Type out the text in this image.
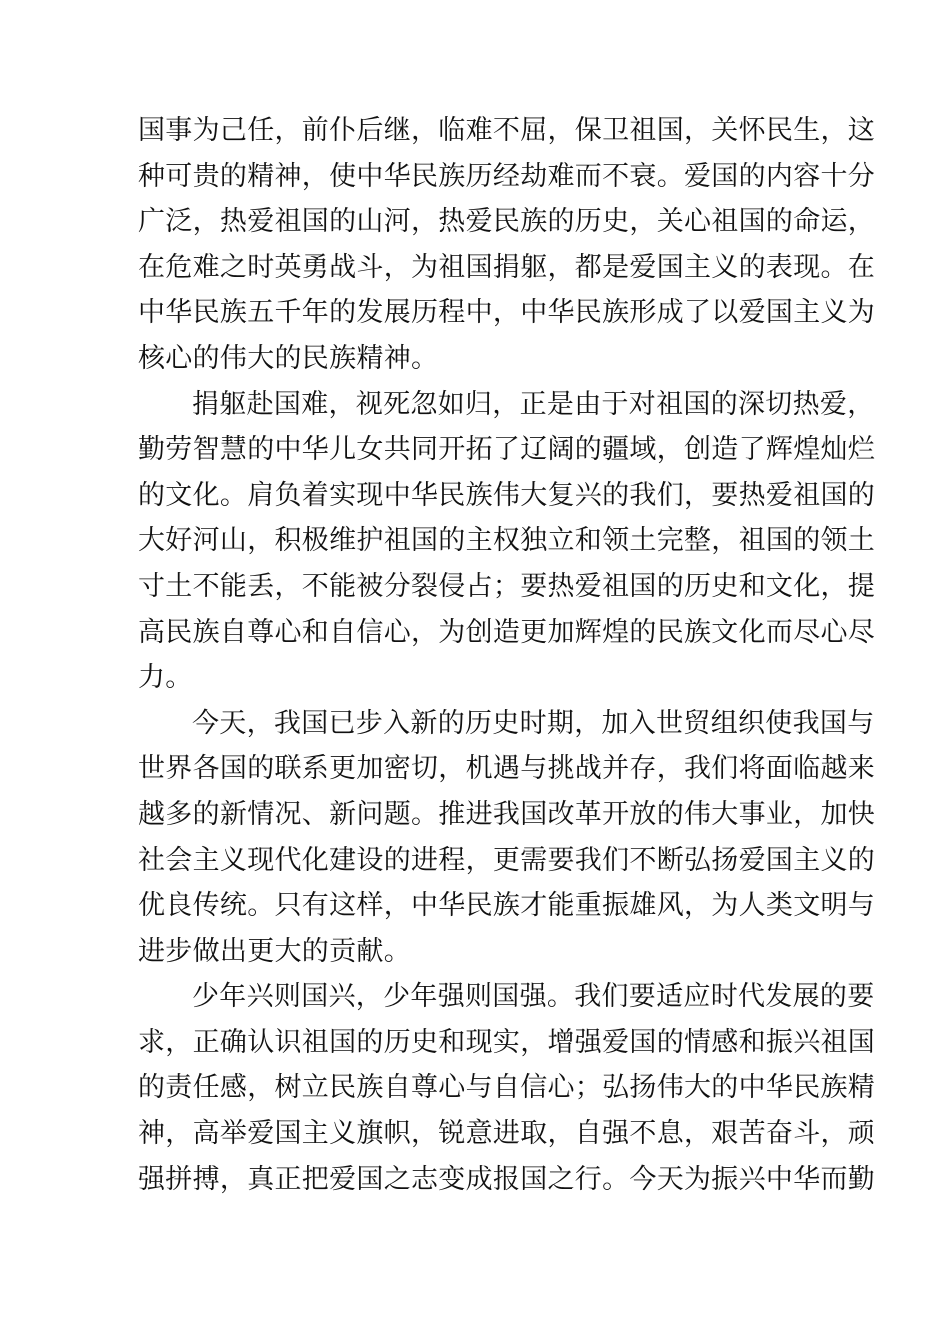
国事为己任，前仆后继，临难不屈，保卫祖国，关怀民生，这
种可贵的精神，使中华民族历经劫难而不衰。爱国的内容十分
广泛，热爱祖国的山河，热爱民族的历史，关心祖国的命运，
在危难之时英勇战斗，为祖国捐躯，都是爱国主义的表现。在
中华民族五千年的发展历程中，中华民族形成了以爱国主义为
核心的伟大的民族精神。
捐躯赴国难，视死忽如归，正是由于对祖国的深切热爱，
勤劳智慧的中华儿女共同开拓了辽阔的疆域，创造了辉煌灿烂
的文化。肩负着实现中华民族伟大复兴的我们，要热爱祖国的
大好河山，积极维护祖国的主权独立和领土完整，祖国的领土
寸土不能丢，不能被分裂侵占；要热爱祖国的历史和文化，提
高民族自尊心和自信心，为创造更加辉煌的民族文化而尽心尽
力。
今天，我国已步入新的历史时期，加入世贸组织使我国与
世界各国的联系更加密切，机遇与挑战并存，我们将面临越来
越多的新情况、新问题。推进我国改革开放的伟大事业，加快
社会主义现代化建设的进程，更需要我们不断弘扬爱国主义的
优良传统。只有这样，中华民族才能重振雄风，为人类文明与
进步做出更大的贡献。
少年兴则国兴，少年强则国强。我们要适应时代发展的要
求，正确认识祖国的历史和现实，增强爱国的情感和振兴祖国
的责任感，树立民族自尊心与自信心；弘扬伟大的中华民族精
神，高举爱国主义旗帜，锐意进取，自强不息，艰苦奋斗，顽
强拼搏，真正把爱国之志变成报国之行。今天为振兴中华而勤
